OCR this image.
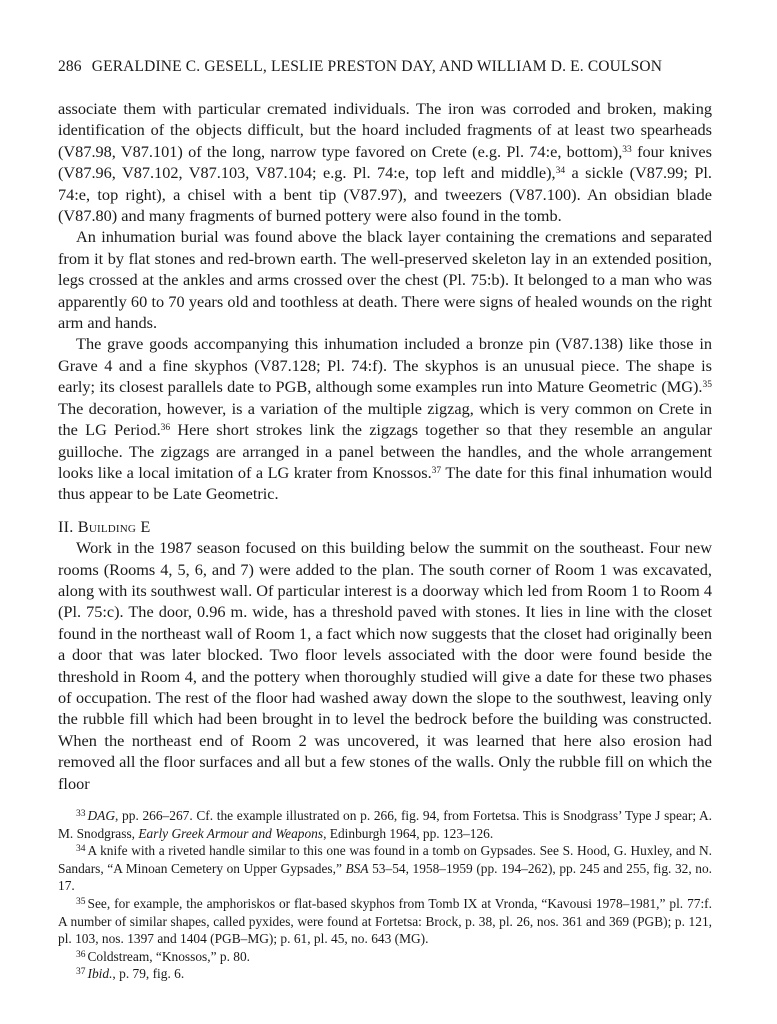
286 GERALDINE C. GESELL, LESLIE PRESTON DAY, AND WILLIAM D. E. COULSON

associate them with particular cremated individuals. The iron was corroded and broken, making identification of the objects difficult, but the hoard included fragments of at least two spearheads (V87.98, V87.101) of the long, narrow type favored on Crete (e.g. Pl. 74:e, bottom),$^{33}$ four knives (V87.96, V87.102, V87.103, V87.104; e.g. Pl. 74:e, top left and middle),$^{34}$ a sickle (V87.99; Pl. 74:e, top right), a chisel with a bent tip (V87.97), and tweezers (V87.100). An obsidian blade (V87.80) and many fragments of burned pottery were also found in the tomb.

An inhumation burial was found above the black layer containing the cremations and separated from it by flat stones and red-brown earth. The well-preserved skeleton lay in an extended position, legs crossed at the ankles and arms crossed over the chest (Pl. 75:b). It belonged to a man who was apparently 60 to 70 years old and toothless at death. There were signs of healed wounds on the right arm and hands.

The grave goods accompanying this inhumation included a bronze pin (V87.138) like those in Grave 4 and a fine skyphos (V87.128; Pl. 74:f). The skyphos is an unusual piece. The shape is early; its closest parallels date to PGB, although some examples run into Mature Geometric (MG).$^{35}$ The decoration, however, is a variation of the multiple zigzag, which is very common on Crete in the LG Period.$^{36}$ Here short strokes link the zigzags together so that they resemble an angular guilloche. The zigzags are arranged in a panel between the handles, and the whole arrangement looks like a local imitation of a LG krater from Knossos.$^{37}$ The date for this final inhumation would thus appear to be Late Geometric.

II. Building E

Work in the 1987 season focused on this building below the summit on the southeast. Four new rooms (Rooms 4, 5, 6, and 7) were added to the plan. The south corner of Room 1 was excavated, along with its southwest wall. Of particular interest is a doorway which led from Room 1 to Room 4 (Pl. 75:c). The door, 0.96 m. wide, has a threshold paved with stones. It lies in line with the closet found in the northeast wall of Room 1, a fact which now suggests that the closet had originally been a door that was later blocked. Two floor levels associated with the door were found beside the threshold in Room 4, and the pottery when thoroughly studied will give a date for these two phases of occupation. The rest of the floor had washed away down the slope to the southwest, leaving only the rubble fill which had been brought in to level the bedrock before the building was constructed. When the northeast end of Room 2 was uncovered, it was learned that here also erosion had removed all the floor surfaces and all but a few stones of the walls. Only the rubble fill on which the floor

$^{33}$ DAG, pp. 266–267. Cf. the example illustrated on p. 266, fig. 94, from Fortetsa. This is Snodgrass’ Type J spear; A. M. Snodgrass, Early Greek Armour and Weapons, Edinburgh 1964, pp. 123–126.

$^{34}$ A knife with a riveted handle similar to this one was found in a tomb on Gypsades. See S. Hood, G. Huxley, and N. Sandars, “A Minoan Cemetery on Upper Gypsades,” BSA 53–54, 1958–1959 (pp. 194–262), pp. 245 and 255, fig. 32, no. 17.

$^{35}$ See, for example, the amphoriskos or flat-based skyphos from Tomb IX at Vronda, “Kavousi 1978–1981,” pl. 77:f. A number of similar shapes, called pyxides, were found at Fortetsa: Brock, p. 38, pl. 26, nos. 361 and 369 (PGB); p. 121, pl. 103, nos. 1397 and 1404 (PGB–MG); p. 61, pl. 45, no. 643 (MG).

$^{36}$ Coldstream, “Knossos,” p. 80.

$^{37}$ Ibid., p. 79, fig. 6.
